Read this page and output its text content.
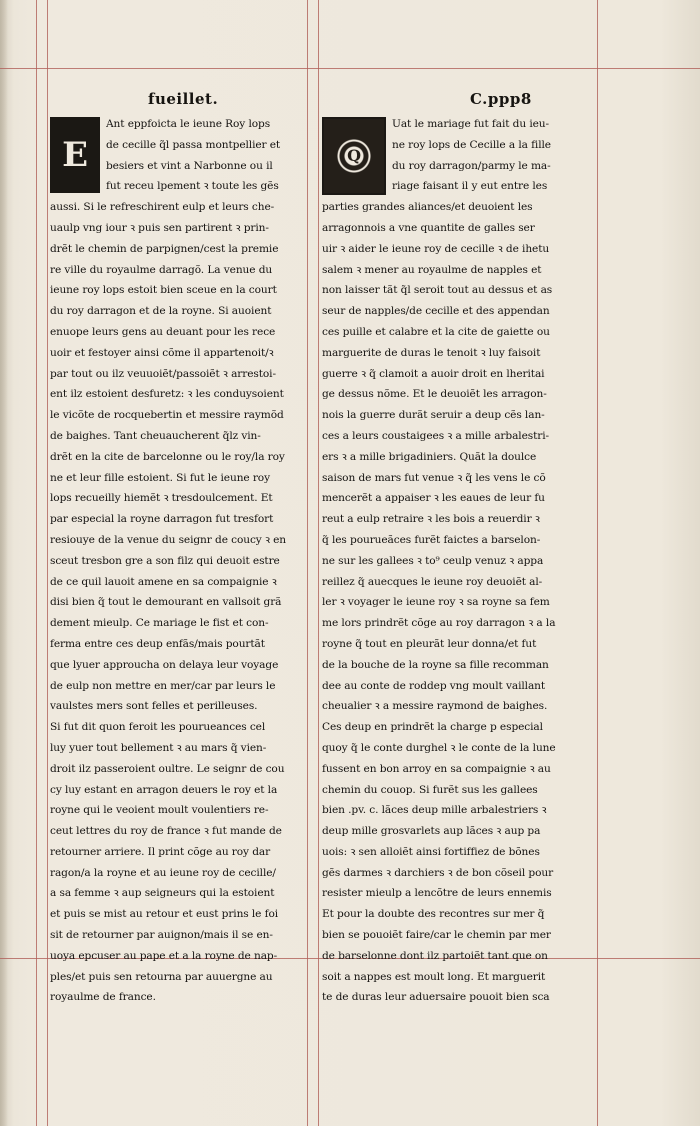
fueillet.	C.ppp8
E
Ant eppfoicta le ieune Roy lops
de cecille q̃l passa montpellier et
besiers et vint a Narbonne ou il
fut receu lpement ꝛ toute les gẽs
aussi. Si le refreschirent eulp et leurs che-
uaulp vng iour ꝛ puis sen partirent ꝛ prin-
drẽt le chemin de parpignen/cest la premie
re ville du royaulme darragõ. La venue du
ieune roy lops estoit bien sceue en la court
du roy darragon et de la royne. Si auoient
enuope leurs gens au deuant pour les rece
uoir et festoyer ainsi cõme il appartenoit/ꝛ
par tout ou ilz veuuoiẽt/passoiẽt ꝛ arrestoi-
ent ilz estoient desfuretz: ꝛ les conduysoient
le vicõte de rocquebertin et messire raymõd
de baighes. Tant cheuaucherent q̃lz vin-
drẽt en la cite de barcelonne ou le roy/la roy
ne et leur fille estoient. Si fut le ieune roy
lops recueilly hiemẽt ꝛ tresdoulcement. Et
par especial la royne darragon fut tresfort
resiouye de la venue du seignr de coucy ꝛ en
sceut tresbon gre a son filz qui deuoit estre
de ce quil lauoit amene en sa compaignie ꝛ
disi bien q̃ tout le demourant en vallsoit grã
dement mieulp. Ce mariage le fist et con-
ferma entre ces deup enfãs/mais pourtãt
que lyuer approucha on delaya leur voyage
de eulp non mettre en mer/car par leurs le
vaulstes mers sont felles et perilleuses.
Si fut dit quon feroit les pourueances cel
luy yuer tout bellement ꝛ au mars q̃ vien-
droit ilz passeroient oultre. Le seignr de cou
cy luy estant en arragon deuers le roy et la
royne qui le veoient moult voulentiers re-
ceut lettres du roy de france ꝛ fut mande de
retourner arriere. Il print cõge au roy dar
ragon/a la royne et au ieune roy de cecille/
a sa femme ꝛ aup seigneurs qui la estoient
et puis se mist au retour et eust prins le foi
sit de retourner par auignon/mais il se en-
uoya epcuser au pape et a la royne de nap-
ples/et puis sen retourna par auuergne au
royaulme de france.
Q
Uat le mariage fut fait du ieu-
ne roy lops de Cecille a la fille
du roy darragon/parmy le ma-
riage faisant il y eut entre les
parties grandes aliances/et deuoient les
arragonnois a vne quantite de galles ser
uir ꝛ aider le ieune roy de cecille ꝛ de ihetu
salem ꝛ mener au royaulme de napples et
non laisser tãt q̃l seroit tout au dessus et as
seur de napples/de cecille et des appendan
ces puille et calabre et la cite de gaiette ou
marguerite de duras le tenoit ꝛ luy faisoit
guerre ꝛ q̃ clamoit a auoir droit en lheritai
ge dessus nõme. Et le deuoiẽt les arragon-
nois la guerre durãt seruir a deup cẽs lan-
ces a leurs coustaigees ꝛ a mille arbalestri-
ers ꝛ a mille brigadiniers. Quãt la doulce
saison de mars fut venue ꝛ q̃ les vens le cõ
mencerẽt a appaiser ꝛ les eaues de leur fu
reut a eulp retraire ꝛ les bois a reuerdir ꝛ
q̃ les pourueãces furẽt faictes a barselon-
ne sur les gallees ꝛ to⁹ ceulp venuz ꝛ appa
reillez q̃ auecques le ieune roy deuoiẽt al-
ler ꝛ voyager le ieune roy ꝛ sa royne sa fem
me lors prindrẽt cõge au roy darragon ꝛ a la
royne q̃ tout en pleurãt leur donna/et fut
de la bouche de la royne sa fille recomman
dee au conte de roddep vng moult vaillant
cheualier ꝛ a messire raymond de baighes.
Ces deup en prindrẽt la charge p especial
quoy q̃ le conte durghel ꝛ le conte de la lune
fussent en bon arroy en sa compaignie ꝛ au
chemin du couop. Si furẽt sus les gallees
bien .pv. c. lãces deup mille arbalestriers ꝛ
deup mille grosvarlets aup lãces ꝛ aup pa
uois: ꝛ sen alloiẽt ainsi fortiffiez de bõnes
gẽs darmes ꝛ darchiers ꝛ de bon cõseil pour
resister mieulp a lencõtre de leurs ennemis
Et pour la doubte des recontres sur mer q̃
bien se pouoiẽt faire/car le chemin par mer
de barselonne dont ilz partoiẽt tant que on
soit a nappes est moult long. Et marguerit
te de duras leur aduersaire pouoit bien sca
